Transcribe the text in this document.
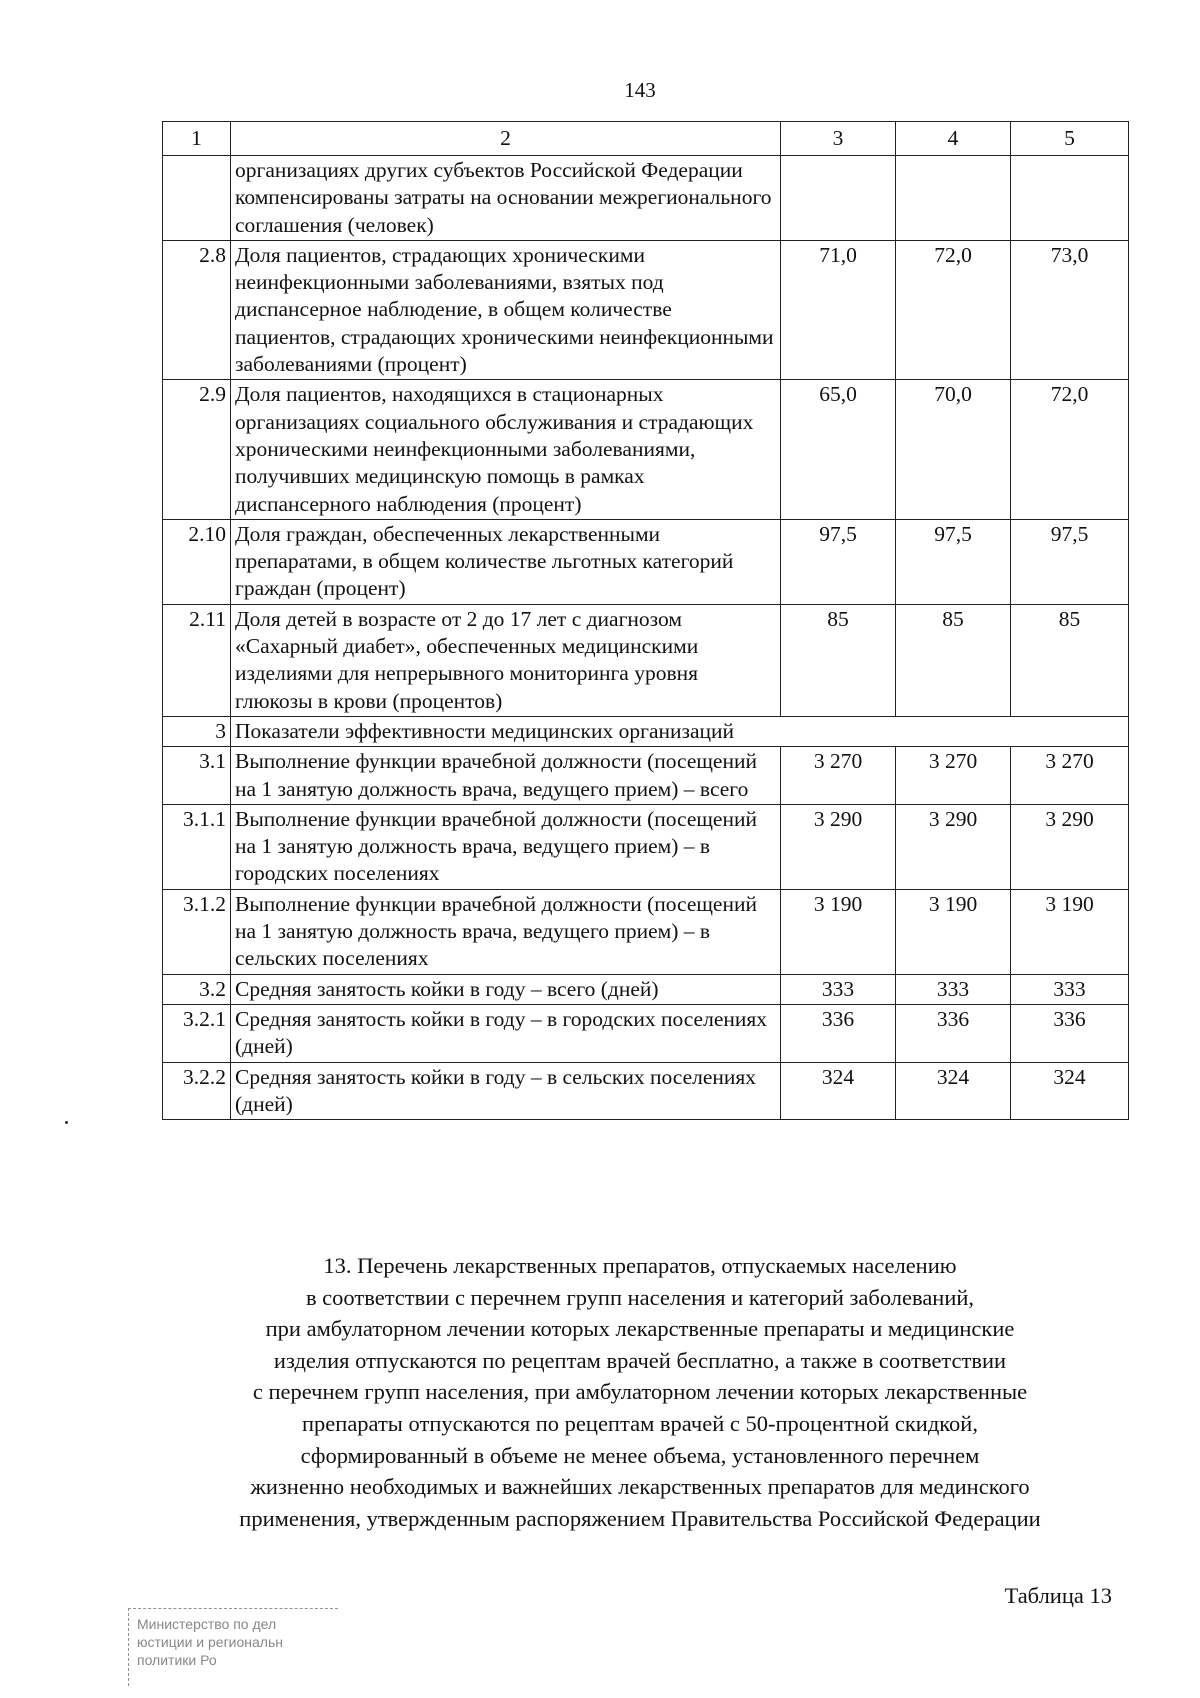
143
1	2	3	4	5
	организациях других субъектов Российской Федерации компенсированы затраты на основании межрегионального соглашения (человек)			
2.8	Доля пациентов, страдающих хроническими неинфекционными заболеваниями, взятых под диспансерное наблюдение, в общем количестве пациентов, страдающих хроническими неинфекционными заболеваниями (процент)	71,0	72,0	73,0
2.9	Доля пациентов, находящихся в стационарных организациях социального обслуживания и страдающих хроническими неинфекционными заболеваниями, получивших медицинскую помощь в рамках диспансерного наблюдения (процент)	65,0	70,0	72,0
2.10	Доля граждан, обеспеченных лекарственными препаратами, в общем количестве льготных категорий граждан (процент)	97,5	97,5	97,5
2.11	Доля детей в возрасте от 2 до 17 лет с диагнозом «Сахарный диабет», обеспеченных медицинскими изделиями для непрерывного мониторинга уровня глюкозы в крови (процентов)	85	85	85
3	Показатели эффективности медицинских организаций			
3.1	Выполнение функции врачебной должности (посещений на 1 занятую должность врача, ведущего прием) – всего	3 270	3 270	3 270
3.1.1	Выполнение функции врачебной должности (посещений на 1 занятую должность врача, ведущего прием) – в городских поселениях	3 290	3 290	3 290
3.1.2	Выполнение функции врачебной должности (посещений на 1 занятую должность врача, ведущего прием) – в сельских поселениях	3 190	3 190	3 190
3.2	Средняя занятость койки в году – всего (дней)	333	333	333
3.2.1	Средняя занятость койки в году – в городских поселениях (дней)	336	336	336
3.2.2	Средняя занятость койки в году – в сельских поселениях (дней)	324	324	324
13. Перечень лекарственных препаратов, отпускаемых населению
в соответствии с перечнем групп населения и категорий заболеваний,
при амбулаторном лечении которых лекарственные препараты и медицинские
изделия отпускаются по рецептам врачей бесплатно, а также в соответствии
с перечнем групп населения, при амбулаторном лечении которых лекарственные
препараты отпускаются по рецептам врачей с 50-процентной скидкой,
сформированный в объеме не менее объема, установленного перечнем
жизненно необходимых и важнейших лекарственных препаратов для мединского
применения, утвержденным распоряжением Правительства Российской Федерации
Таблица 13
Министерство по дел
юстиции и региональн
политики Ро
